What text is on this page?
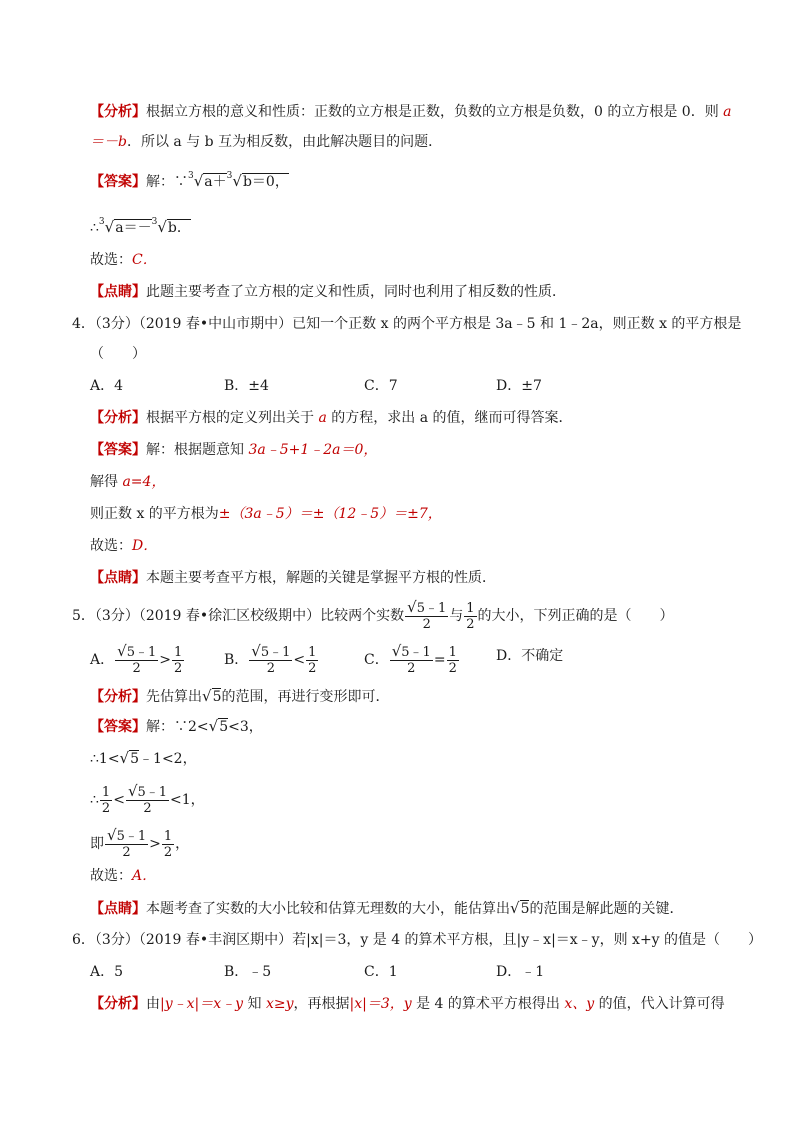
【分析】根据立方根的意义和性质：正数的立方根是正数，负数的立方根是负数，0 的立方根是 0．则 a
＝－b．所以 a 与 b 互为相反数，由此解决题目的问题．
【答案】解：∵$^3$√a＋$^3$√b＝0，
∴$^3$√a＝－$^3$√b．
故选：C．
【点睛】此题主要考查了立方根的定义和性质，同时也利用了相反数的性质．
4．（3分）（2019 春•中山市期中）已知一个正数 x 的两个平方根是 3a﹣5 和 1﹣2a，则正数 x 的平方根是
（　　）
A．4	B．±4	C．7	D．±7
【分析】根据平方根的定义列出关于 a 的方程，求出 a 的值，继而可得答案．
【答案】解：根据题意知 3a﹣5+1﹣2a＝0，
解得 a=4，
则正数 x 的平方根为±（3a﹣5）＝±（12﹣5）＝±7，
故选：D．
【点睛】本题主要考查平方根，解题的关键是掌握平方根的性质．
5．（3分）（2019 春•徐汇区校级期中）比较两个实数 $\frac{√5﹣1}{2}$ 与 $\frac{1}{2}$ 的大小，下列正确的是（　　）
A． $\frac{√5﹣1}{2} > \frac{1}{2}$	B． $\frac{√5﹣1}{2} < \frac{1}{2}$	C． $\frac{√5﹣1}{2} = \frac{1}{2}$	D．不确定
【分析】先估算出√5的范围，再进行变形即可．
【答案】解：∵2<√5<3，
∴1<√5﹣1<2，
∴ $\frac{1}{2} < \frac{√5﹣1}{2} <1$，
即 $\frac{√5﹣1}{2} > \frac{1}{2}$ ，
故选：A．
【点睛】本题考查了实数的大小比较和估算无理数的大小，能估算出√5的范围是解此题的关键．
6．（3分）（2019 春•丰润区期中）若|x|＝3，y 是 4 的算术平方根，且|y﹣x|＝x﹣y，则 x+y 的值是（　　）
A．5	B．﹣5	C．1	D．﹣1
【分析】由|y﹣x|＝x﹣y 知 x≥y，再根据|x|＝3，y 是 4 的算术平方根得出 x、y 的值，代入计算可得
